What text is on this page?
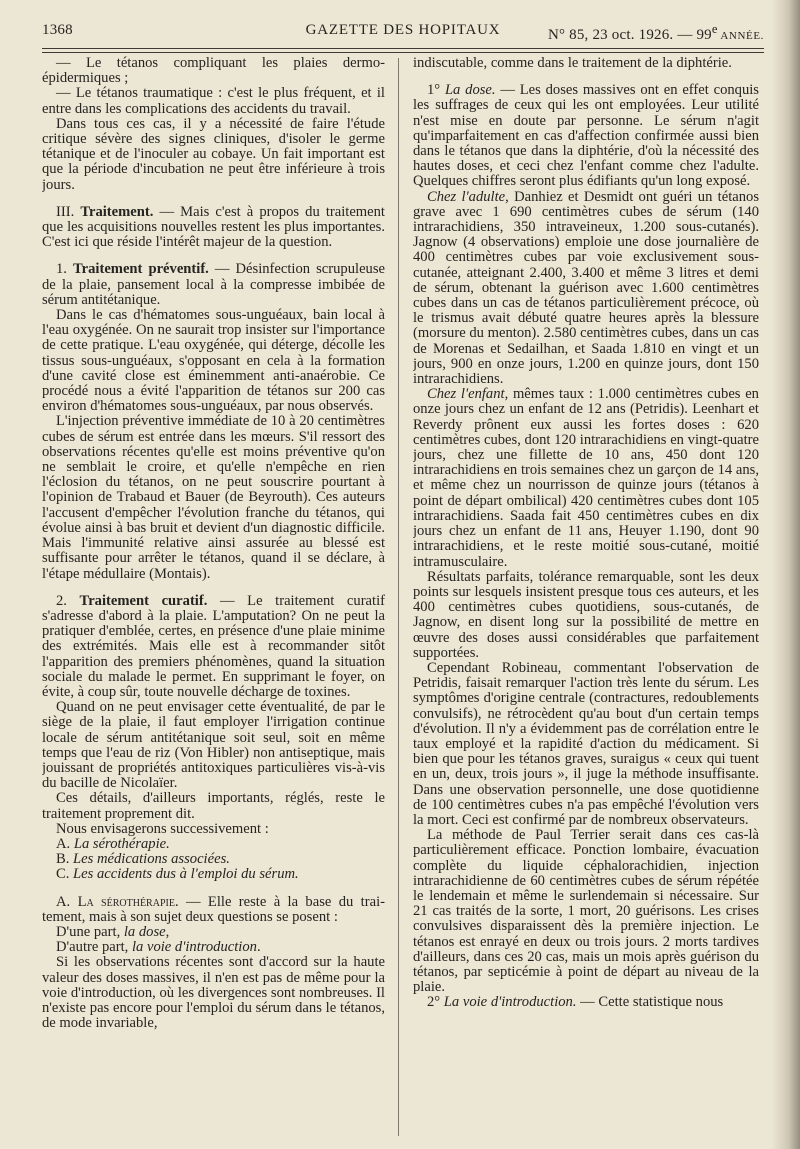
1368	GAZETTE DES HOPITAUX	N° 85, 23 oct. 1926. — 99e ANNÉE.

— Le tétanos compliquant les plaies dermo-épidermiques ;

— Le tétanos traumatique : c'est le plus fréquent, et il entre dans les complications des accidents du travail.

Dans tous ces cas, il y a nécessité de faire l'étude critique sévère des signes cliniques, d'isoler le germe tétanique et de l'inoculer au cobaye. Un fait important est que la période d'incubation ne peut être inférieure à trois jours.

III. Traitement. — Mais c'est à propos du traitement que les acquisitions nouvelles restent les plus importantes. C'est ici que réside l'intérêt majeur de la question.

1. Traitement préventif. — Désinfection scrupuleuse de la plaie, pansement local à la compresse imbibée de sérum antitétanique.

Dans le cas d'hématomes sous-unguéaux, bain local à l'eau oxygénée. On ne saurait trop insister sur l'importance de cette pratique. L'eau oxygénée, qui déterge, décolle les tissus sous-unguéaux, s'opposant en cela à la formation d'une cavité close est éminemment anti-anaérobie. Ce procédé nous a évité l'apparition de tétanos sur 200 cas environ d'hématomes sous-unguéaux, par nous observés.

L'injection préventive immédiate de 10 à 20 centimètres cubes de sérum est entrée dans les mœurs. S'il ressort des observations récentes qu'elle est moins préventive qu'on ne semblait le croire, et qu'elle n'empêche en rien l'éclosion du tétanos, on ne peut souscrire pourtant à l'opinion de Trabaud et Bauer (de Beyrouth). Ces auteurs l'accusent d'empêcher l'évolution franche du tétanos, qui évolue ainsi à bas bruit et devient d'un diagnostic difficile. Mais l'immunité relative ainsi assurée au blessé est suffisante pour arrêter le tétanos, quand il se déclare, à l'étape médullaire (Montais).

2. Traitement curatif. — Le traitement curatif s'adresse d'abord à la plaie. L'amputation? On ne peut la pratiquer d'emblée, certes, en présence d'une plaie minime des extrémités. Mais elle est à recommander sitôt l'apparition des premiers phénomènes, quand la situation sociale du malade le permet. En supprimant le foyer, on évite, à coup sûr, toute nouvelle décharge de toxines.

Quand on ne peut envisager cette éventualité, de par le siège de la plaie, il faut employer l'irrigation continue locale de sérum antitétanique soit seul, soit en même temps que l'eau de riz (Von Hibler) non antiseptique, mais jouissant de propriétés antitoxiques particulières vis-à-vis du bacille de Nicolaïer.

Ces détails, d'ailleurs importants, réglés, reste le traitement proprement dit.

Nous envisagerons successivement :

A. La sérothérapie.

B. Les médications associées.

C. Les accidents dus à l'emploi du sérum.

A. La sérothérapie. — Elle reste à la base du traitement, mais à son sujet deux questions se posent :

D'une part, la dose,

D'autre part, la voie d'introduction.

Si les observations récentes sont d'accord sur la haute valeur des doses massives, il n'en est pas de même pour la voie d'introduction, où les divergences sont nombreuses. Il n'existe pas encore pour l'emploi du sérum dans le tétanos, de mode invariable,

indiscutable, comme dans le traitement de la diphtérie.

1° La dose. — Les doses massives ont en effet conquis les suffrages de ceux qui les ont employées. Leur utilité n'est mise en doute par personne. Le sérum n'agit qu'imparfaitement en cas d'affection confirmée aussi bien dans le tétanos que dans la diphtérie, d'où la nécessité des hautes doses, et ceci chez l'enfant comme chez l'adulte. Quelques chiffres seront plus édifiants qu'un long exposé.

Chez l'adulte, Danhiez et Desmidt ont guéri un tétanos grave avec 1 690 centimètres cubes de sérum (140 intrarachidiens, 350 intraveineux, 1.200 sous-cutanés). Jagnow (4 observations) emploie une dose journalière de 400 centimètres cubes par voie exclusivement sous-cutanée, atteignant 2.400, 3.400 et même 3 litres et demi de sérum, obtenant la guérison avec 1.600 centimètres cubes dans un cas de tétanos particulièrement précoce, où le trismus avait débuté quatre heures après la blessure (morsure du menton). 2.580 centimètres cubes, dans un cas de Morenas et Sedailhan, et Saada 1.810 en vingt et un jours, 900 en onze jours, 1.200 en quinze jours, dont 150 intrarachidiens.

Chez l'enfant, mêmes taux : 1.000 centimètres cubes en onze jours chez un enfant de 12 ans (Petridis). Leenhart et Reverdy prônent eux aussi les fortes doses : 620 centimètres cubes, dont 120 intrarachidiens en vingt-quatre jours, chez une fillette de 10 ans, 450 dont 120 intrarachidiens en trois semaines chez un garçon de 14 ans, et même chez un nourrisson de quinze jours (tétanos à point de départ ombilical) 420 centimètres cubes dont 105 intrarachidiens. Saada fait 450 centimètres cubes en dix jours chez un enfant de 11 ans, Heuyer 1.190, dont 90 intrarachidiens, et le reste moitié sous-cutané, moitié intramusculaire.

Résultats parfaits, tolérance remarquable, sont les deux points sur lesquels insistent presque tous ces auteurs, et les 400 centimètres cubes quotidiens, sous-cutanés, de Jagnow, en disent long sur la possibilité de mettre en œuvre des doses aussi considérables que parfaitement supportées.

Cependant Robineau, commentant l'observation de Petridis, faisait remarquer l'action très lente du sérum. Les symptômes d'origine centrale (contractures, redoublements convulsifs), ne rétrocèdent qu'au bout d'un certain temps d'évolution. Il n'y a évidemment pas de corrélation entre le taux employé et la rapidité d'action du médicament. Si bien que pour les tétanos graves, suraigus « ceux qui tuent en un, deux, trois jours », il juge la méthode insuffisante. Dans une observation personnelle, une dose quotidienne de 100 centimètres cubes n'a pas empêché l'évolution vers la mort. Ceci est confirmé par de nombreux observateurs.

La méthode de Paul Terrier serait dans ces cas-là particulièrement efficace. Ponction lombaire, évacuation complète du liquide céphalorachidien, injection intrarachidienne de 60 centimètres cubes de sérum répétée le lendemain et même le surlendemain si nécessaire. Sur 21 cas traités de la sorte, 1 mort, 20 guérisons. Les crises convulsives disparaissent dès la première injection. Le tétanos est enrayé en deux ou trois jours. 2 morts tardives d'ailleurs, dans ces 20 cas, mais un mois après guérison du tétanos, par septicémie à point de départ au niveau de la plaie.

2° La voie d'introduction. — Cette statistique nous
